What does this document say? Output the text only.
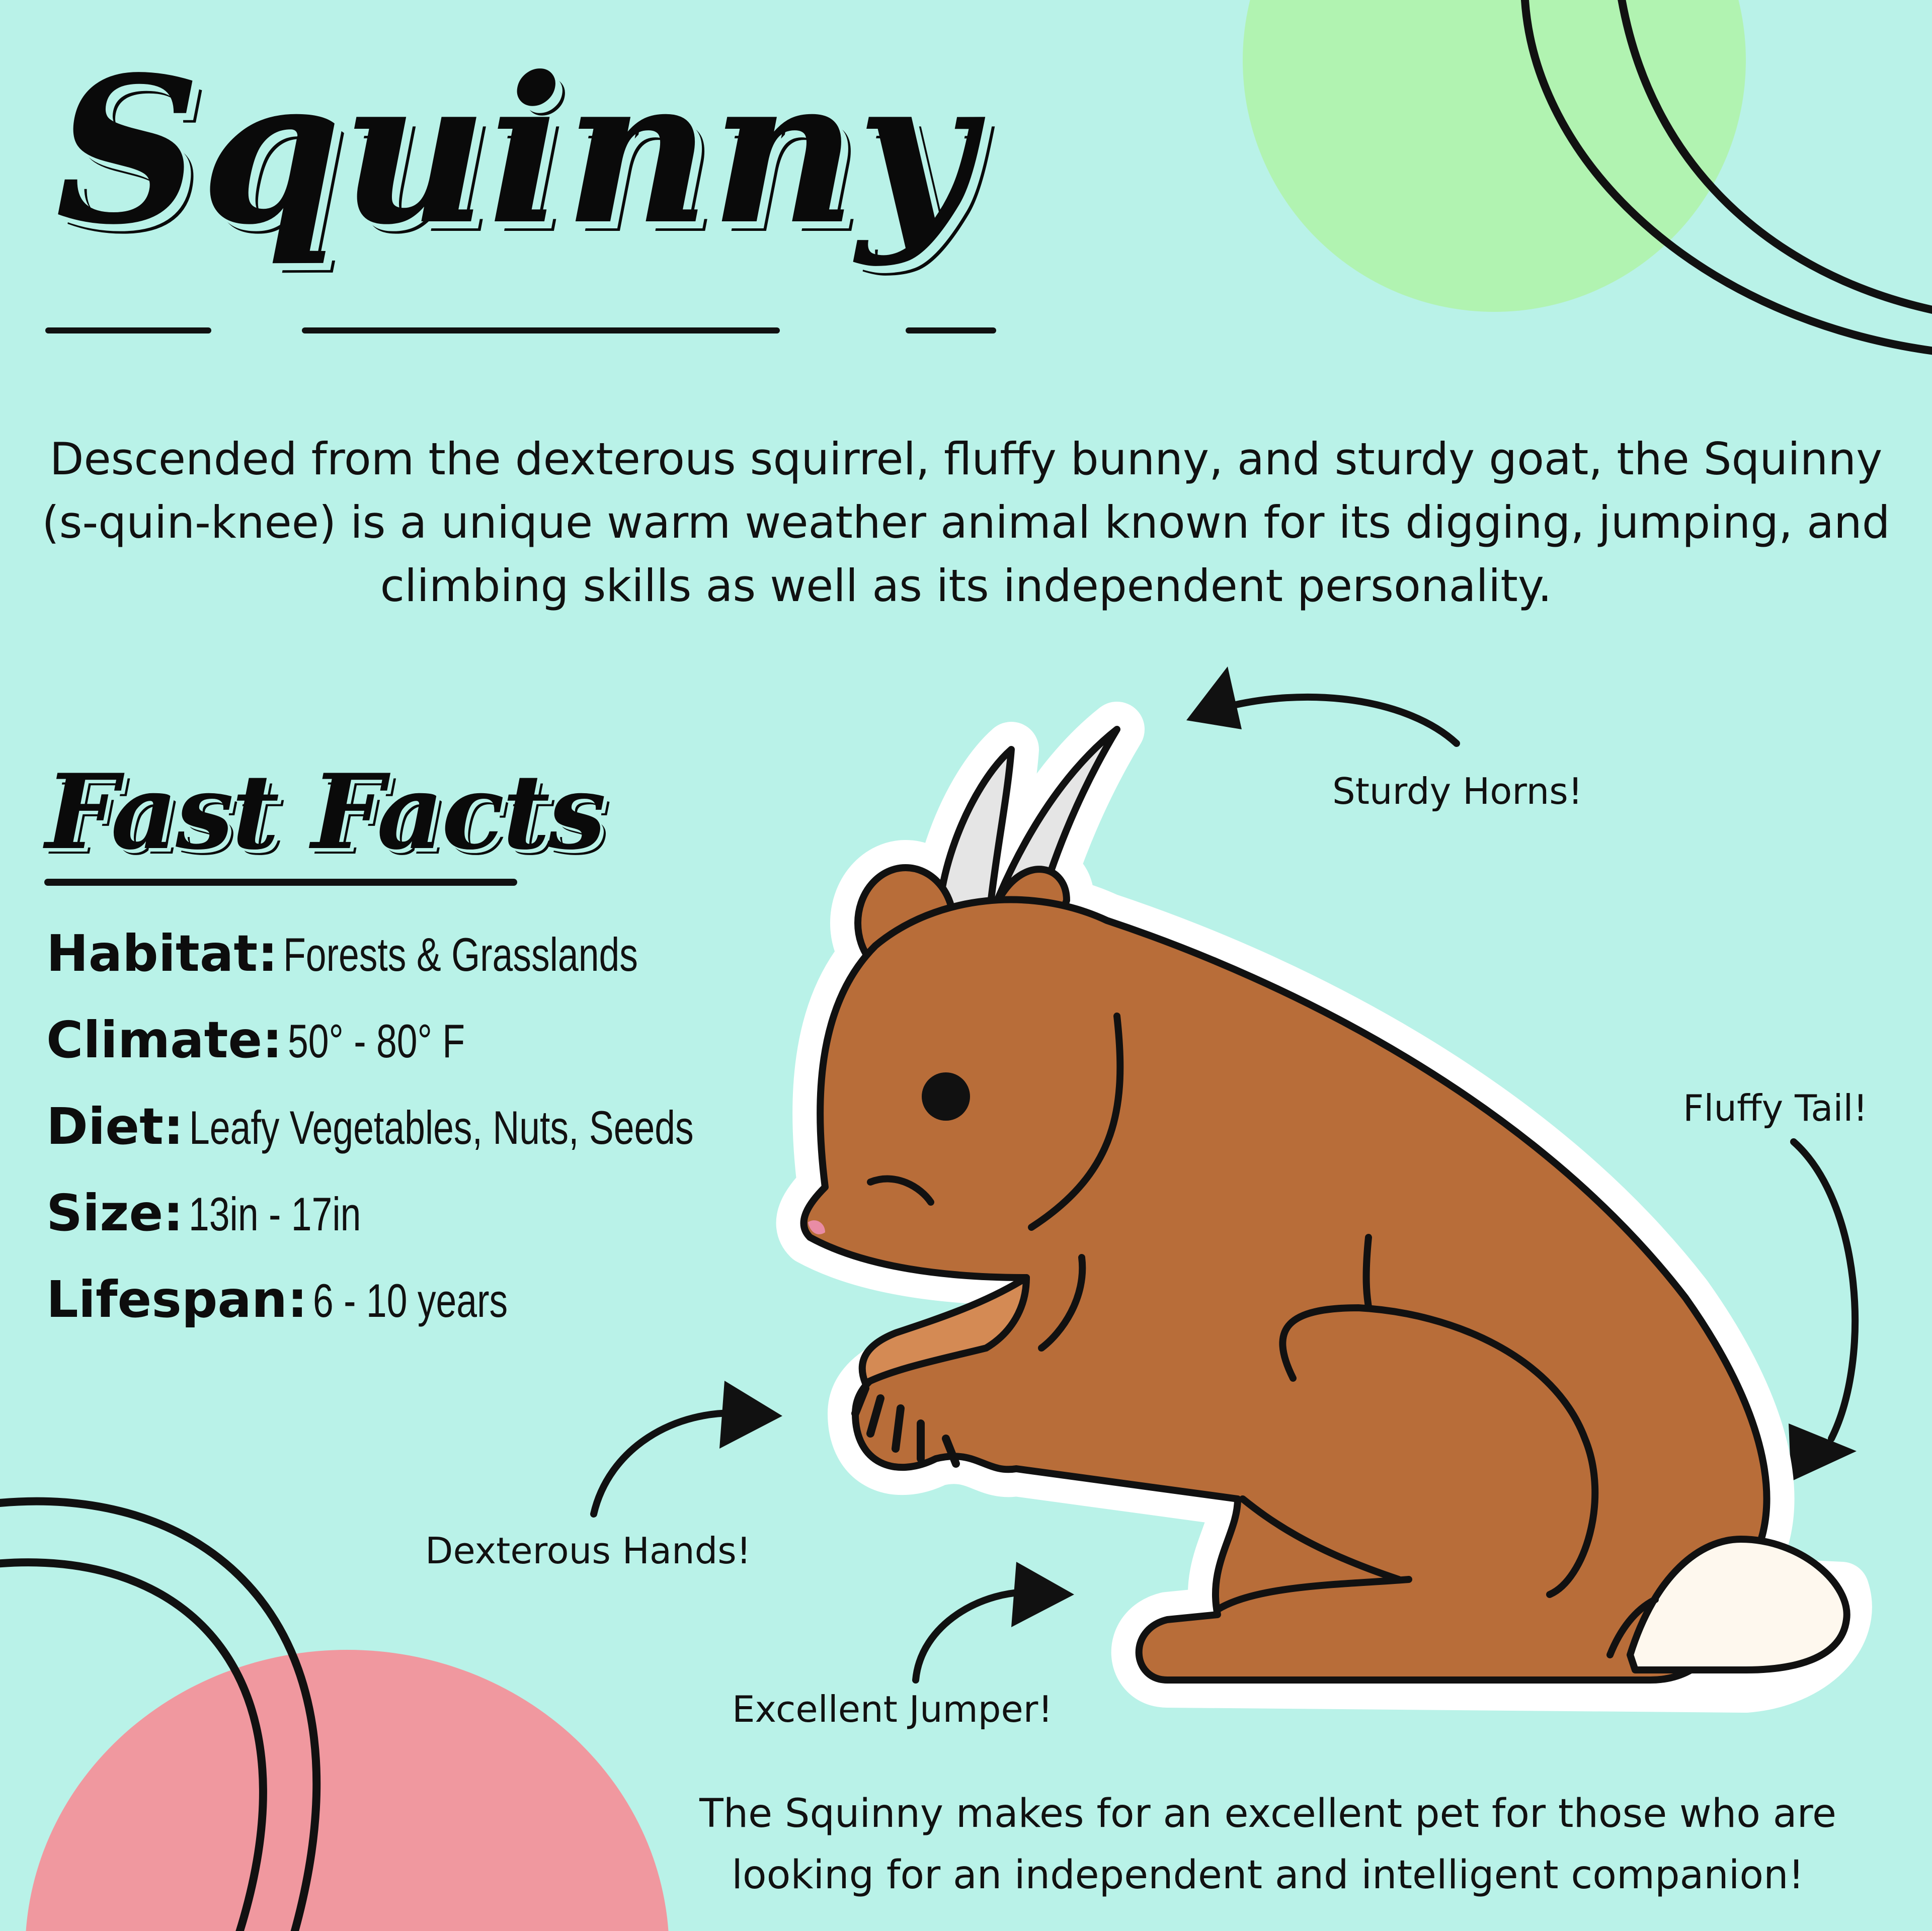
Squinny

Descended from the dexterous squirrel, fluffy bunny, and sturdy goat, the Squinny (s-quin-knee) is a unique warm weather animal known for its digging, jumping, and climbing skills as well as its independent personality.

Fast Facts
Habitat: Forests & Grasslands
Climate: 50° - 80° F
Diet: Leafy Vegetables, Nuts, Seeds
Size: 13in - 17in
Lifespan: 6 - 10 years

Sturdy Horns!

Fluffy Tail!

Dexterous Hands!

Excellent Jumper!

The Squinny makes for an excellent pet for those who are looking for an independent and intelligent companion!
